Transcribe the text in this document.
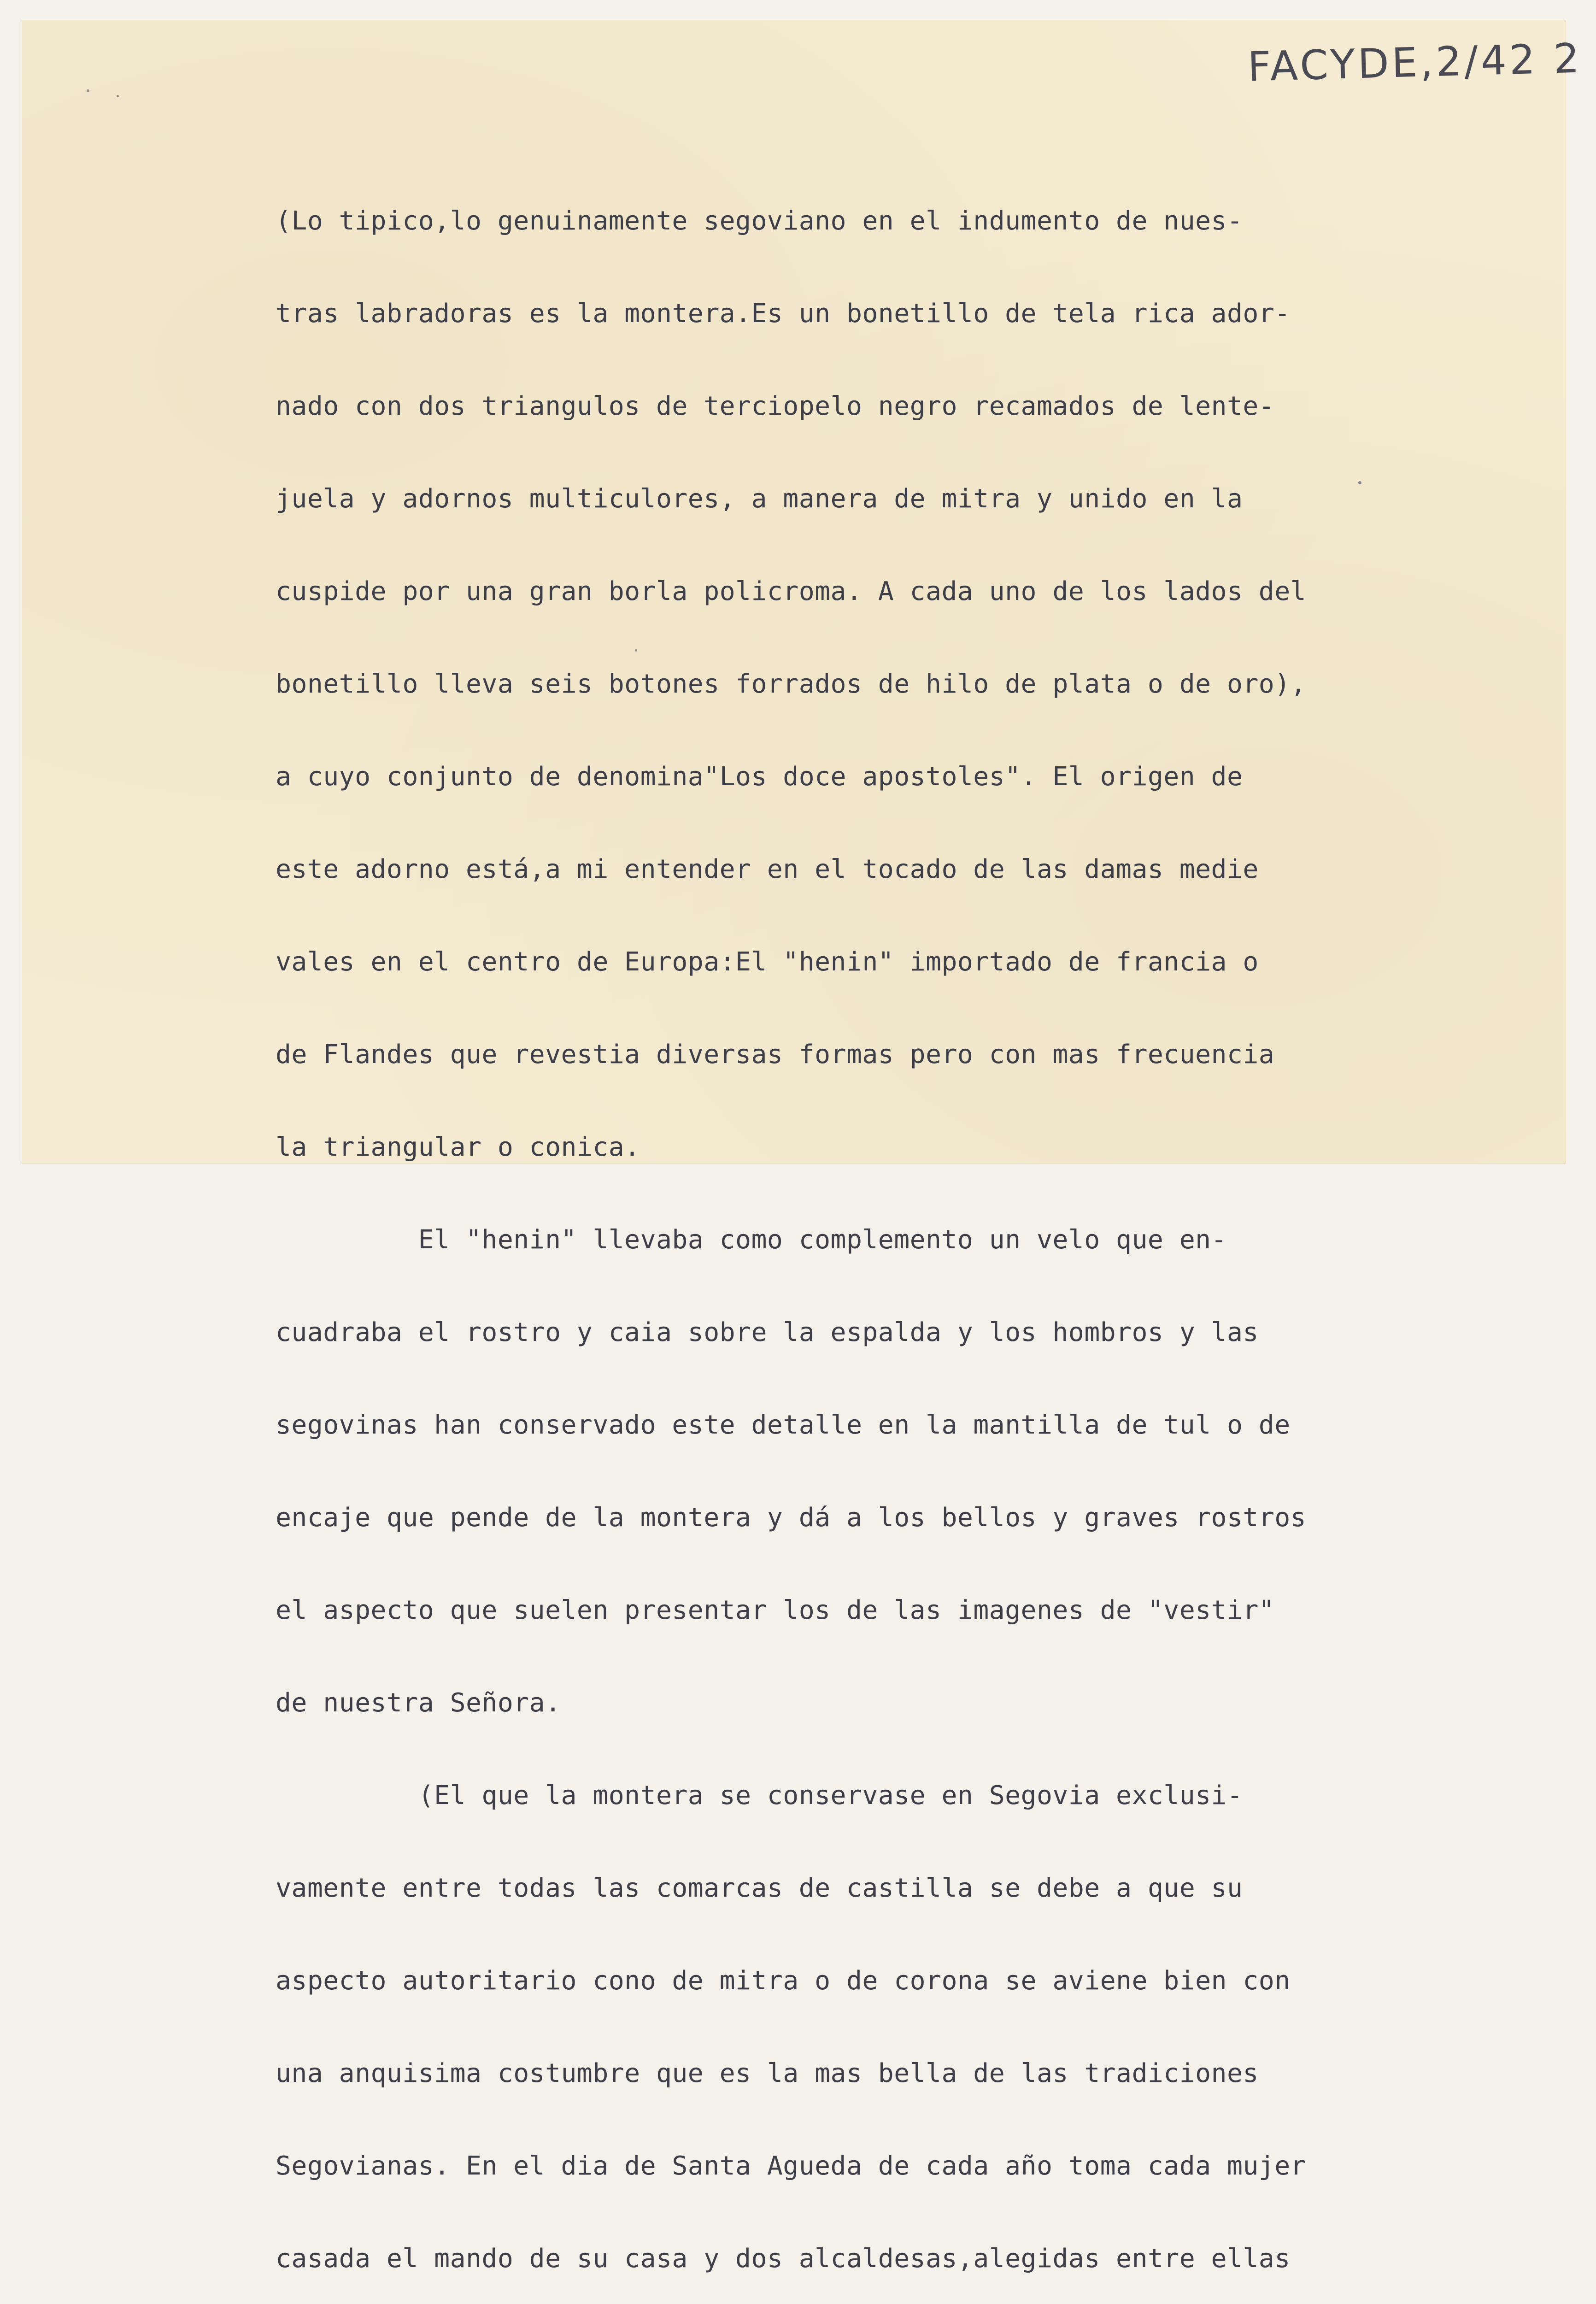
FACYDE,2/42 2

(Lo tipico,lo genuinamente segoviano en el indumento de nues-

tras labradoras es la montera.Es un bonetillo de tela rica ador-

nado con dos triangulos de terciopelo negro recamados de lente-

juela y adornos multiculores, a manera de mitra y unido en la

cuspide por una gran borla policroma. A cada uno de los lados del

bonetillo lleva seis botones forrados de hilo de plata o de oro),

a cuyo conjunto de denomina"Los doce apostoles". El origen de

este adorno está,a mi entender en el tocado de las damas medie

vales en el centro de Europa:El "henin" importado de francia o

de Flandes que revestia diversas formas pero con mas frecuencia

la triangular o conica.

El "henin" llevaba como complemento un velo que en-

cuadraba el rostro y caia sobre la espalda y los hombros y las

segovinas han conservado este detalle en la mantilla de tul o de

encaje que pende de la montera y dá a los bellos y graves rostros

el aspecto que suelen presentar los de las imagenes de "vestir"

de nuestra Señora.

(El que la montera se conservase en Segovia exclusi-

vamente entre todas las comarcas de castilla se debe a que su

aspecto autoritario cono de mitra o de corona se aviene bien con

una anquisima costumbre que es la mas bella de las tradiciones

Segovianas. En el dia de Santa Agueda de cada año toma cada mujer

casada el mando de su casa y dos alcaldesas,alegidas entre ellas
